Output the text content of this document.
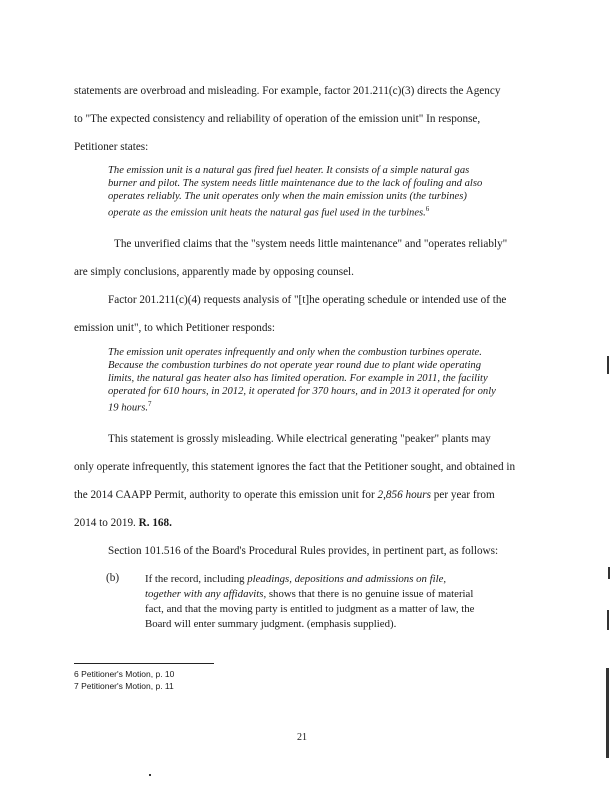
statements are overbroad and misleading. For example, factor 201.211(c)(3) directs the Agency
to "The expected consistency and reliability of operation of the emission unit" In response,
Petitioner states:
The emission unit is a natural gas fired fuel heater. It consists of a simple natural gas
burner and pilot. The system needs little maintenance due to the lack of fouling and also
operates reliably. The unit operates only when the main emission units (the turbines)
operate as the emission unit heats the natural gas fuel used in the turbines.$^6$
The unverified claims that the "system needs little maintenance" and "operates reliably"
are simply conclusions, apparently made by opposing counsel.
Factor 201.211(c)(4) requests analysis of "[t]he operating schedule or intended use of the
emission unit", to which Petitioner responds:
The emission unit operates infrequently and only when the combustion turbines operate.
Because the combustion turbines do not operate year round due to plant wide operating
limits, the natural gas heater also has limited operation. For example in 2011, the facility
operated for 610 hours, in 2012, it operated for 370 hours, and in 2013 it operated for only
19 hours.$^7$
This statement is grossly misleading. While electrical generating "peaker" plants may
only operate infrequently, this statement ignores the fact that the Petitioner sought, and obtained in
the 2014 CAAPP Permit, authority to operate this emission unit for 2,856 hours per year from
2014 to 2019. R. 168.
Section 101.516 of the Board's Procedural Rules provides, in pertinent part, as follows:
(b) If the record, including pleadings, depositions and admissions on file,
together with any affidavits, shows that there is no genuine issue of material
fact, and that the moving party is entitled to judgment as a matter of law, the
Board will enter summary judgment. (emphasis supplied).
6 Petitioner's Motion, p. 10
7 Petitioner's Motion, p. 11
21
